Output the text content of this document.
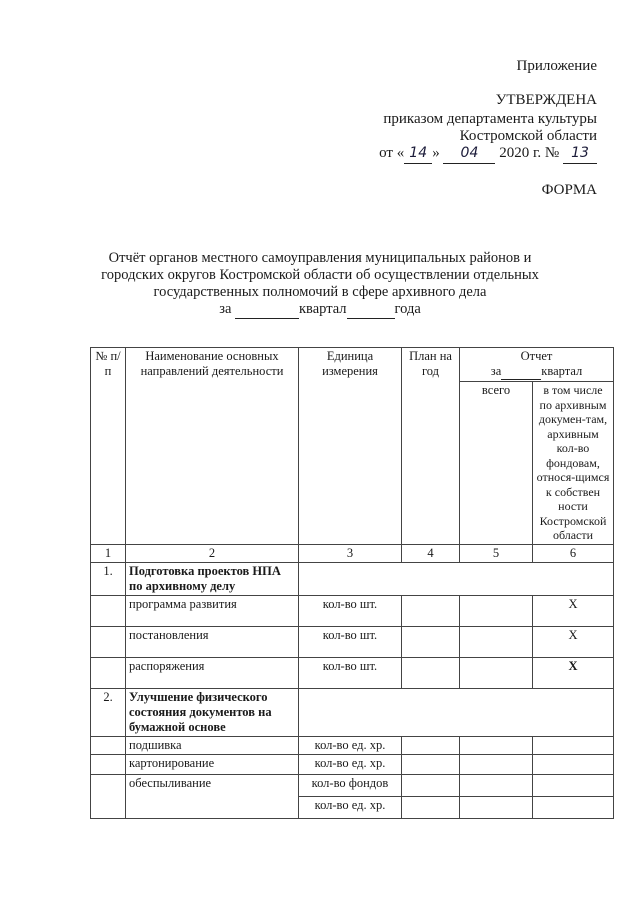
Приложение
УТВЕРЖДЕНА
приказом департамента культуры
Костромской области
от « 14 » 04 2020 г. № 13
ФОРМА
Отчёт органов местного самоуправления муниципальных районов и
городских округов Костромской области об осуществлении отдельных
государственных полномочий в сфере архивного дела
за	квартал	года
№ п/п	Наименование основных направлений деятельности	Единица измерения	План на год	Отчет
за квартал	

				всего	в том числе по архивным докумен-там, архивным кол-во фондовам, относя-щимся к собствен ности Костромской области
1	2	3	4	5	6
1.	Подготовка проектов НПА по архивному делу				
	программа развития	кол-во шт.			X
	постановления	кол-во шт.			X
	распоряжения	кол-во шт.			X
2.	Улучшение физического состояния документов на бумажной основе				
	подшивка	кол-во ед. хр.			
	картонирование	кол-во ед. хр.			
	обеспыливание	кол-во фондов			
		кол-во ед. хр.			
